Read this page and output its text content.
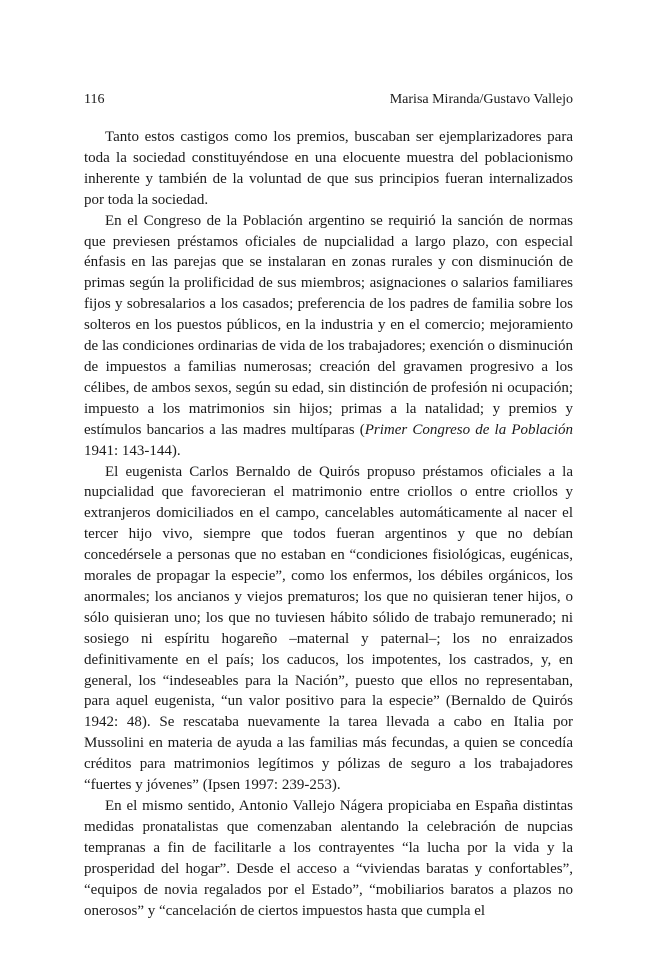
116	Marisa Miranda/Gustavo Vallejo

Tanto estos castigos como los premios, buscaban ser ejemplarizadores para toda la sociedad constituyéndose en una elocuente muestra del poblacionismo inherente y también de la voluntad de que sus principios fueran internalizados por toda la sociedad.

En el Congreso de la Población argentino se requirió la sanción de normas que previesen préstamos oficiales de nupcialidad a largo plazo, con especial énfasis en las parejas que se instalaran en zonas rurales y con disminución de primas según la prolificidad de sus miembros; asignaciones o salarios familiares fijos y sobresalarios a los casados; preferencia de los padres de familia sobre los solteros en los puestos públicos, en la industria y en el comercio; mejoramiento de las condiciones ordinarias de vida de los trabajadores; exención o disminución de impuestos a familias numerosas; creación del gravamen progresivo a los célibes, de ambos sexos, según su edad, sin distinción de profesión ni ocupación; impuesto a los matrimonios sin hijos; primas a la natalidad; y premios y estímulos bancarios a las madres multíparas (Primer Congreso de la Población 1941: 143-144).

El eugenista Carlos Bernaldo de Quirós propuso préstamos oficiales a la nupcialidad que favorecieran el matrimonio entre criollos o entre criollos y extranjeros domiciliados en el campo, cancelables automáticamente al nacer el tercer hijo vivo, siempre que todos fueran argentinos y que no debían concedérsele a personas que no estaban en “condiciones fisiológicas, eugénicas, morales de propagar la especie”, como los enfermos, los débiles orgánicos, los anormales; los ancianos y viejos prematuros; los que no quisieran tener hijos, o sólo quisieran uno; los que no tuviesen hábito sólido de trabajo remunerado; ni sosiego ni espíritu hogareño –maternal y paternal–; los no enraizados definitivamente en el país; los caducos, los impotentes, los castrados, y, en general, los “indeseables para la Nación”, puesto que ellos no representaban, para aquel eugenista, “un valor positivo para la especie” (Bernaldo de Quirós 1942: 48). Se rescataba nuevamente la tarea llevada a cabo en Italia por Mussolini en materia de ayuda a las familias más fecundas, a quien se concedía créditos para matrimonios legítimos y pólizas de seguro a los trabajadores “fuertes y jóvenes” (Ipsen 1997: 239-253).

En el mismo sentido, Antonio Vallejo Nágera propiciaba en España distintas medidas pronatalistas que comenzaban alentando la celebración de nupcias tempranas a fin de facilitarle a los contrayentes “la lucha por la vida y la prosperidad del hogar”. Desde el acceso a “viviendas baratas y confortables”, “equipos de novia regalados por el Estado”, “mobiliarios baratos a plazos no onerosos” y “cancelación de ciertos impuestos hasta que cumpla el
